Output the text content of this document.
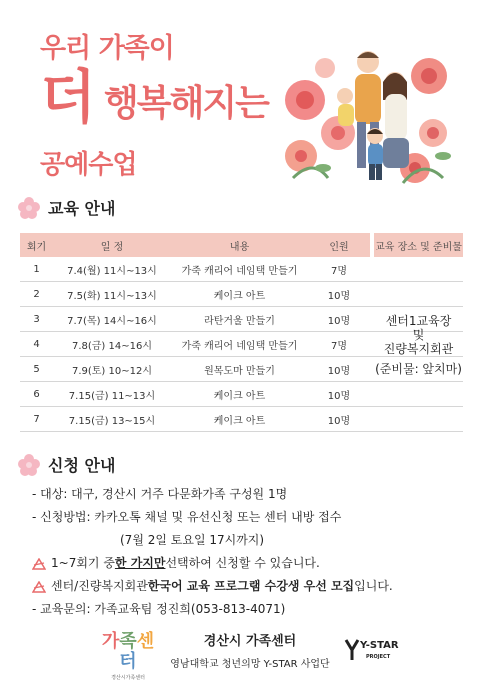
우리 가족이
더 행복해지는
공예수업
교육 안내
회기	일 정	내용	인원	교육 장소 및 준비물
1	7.4(월) 11시~13시	가죽 캐리어 네임택 만들기	7명
2	7.5(화) 11시~13시	케이크 아트	10명
3	7.7(목) 14시~16시	라탄거울 만들기	10명
4	7.8(금) 14~16시	가죽 캐리어 네임택 만들기	7명
5	7.9(토) 10~12시	원목도마 만들기	10명
6	7.15(금) 11~13시	케이크 아트	10명
7	7.15(금) 13~15시	케이크 아트	10명
센터1교육장
및
진량복지회관
(준비물: 앞치마)
신청 안내
- 대상: 대구, 경산시 거주 다문화가족 구성원 1명
- 신청방법: 카카오톡 채널 및 유선신청 또는 센터 내방 접수
(7월 2일 토요일 17시까지)
1~7회기 중 한 가지만 선택하여 신청할 수 있습니다.
센터/진량복지회관 한국어 교육 프로그램 수강생 우선 모집 입니다.
- 교육문의: 가족교육팀 정진희(053-813-4071)
가족센터
경산시가족센터
경산시 가족센터
영남대학교 청년의망 Y-STAR 사업단
Y-STAR
PROJECT
